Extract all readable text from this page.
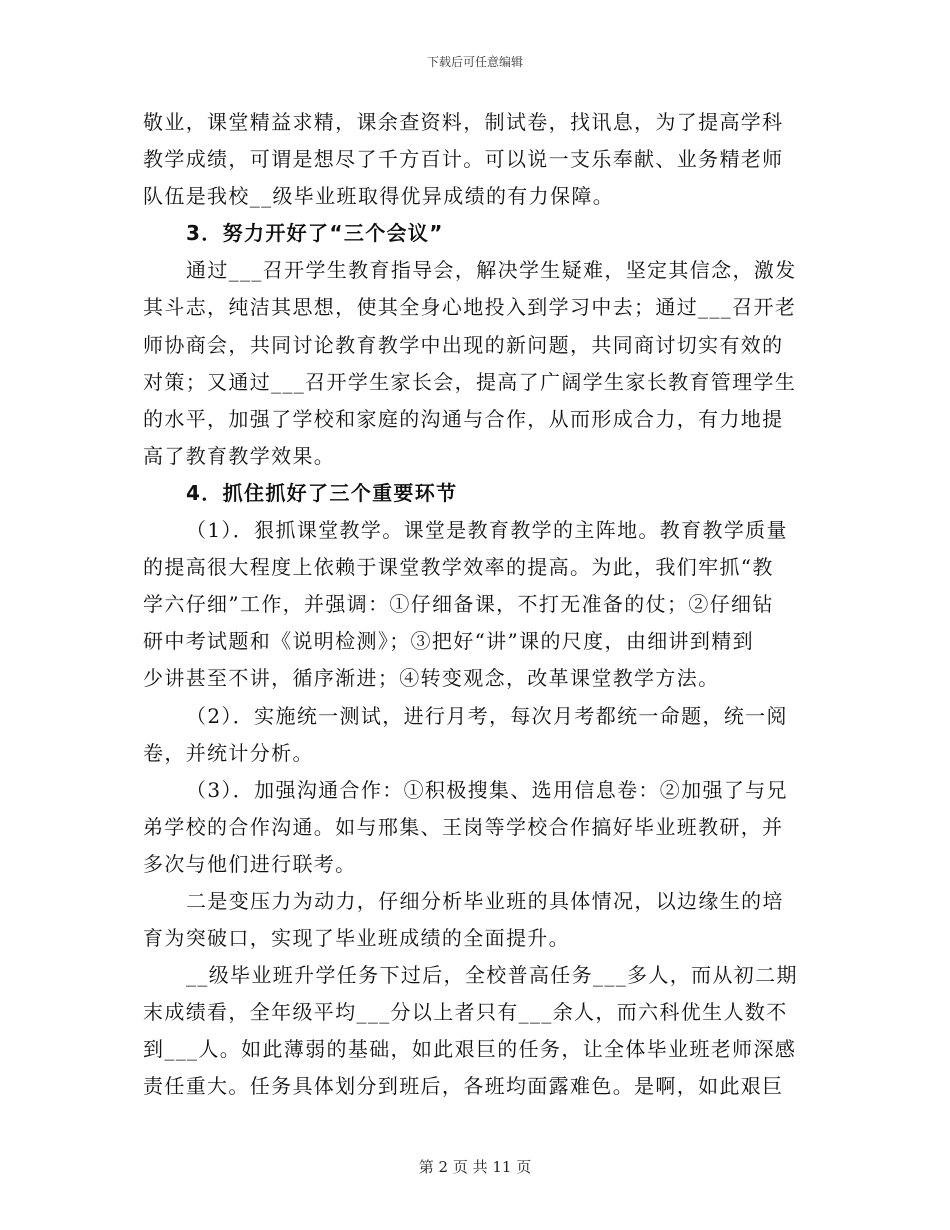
下载后可任意编辑
敬业，课堂精益求精，课余查资料，制试卷，找讯息，为了提高学科
教学成绩，可谓是想尽了千方百计。可以说一支乐奉献、业务精老师
队伍是我校__级毕业班取得优异成绩的有力保障。
3．努力开好了“三个会议”
通过___召开学生教育指导会，解决学生疑难，坚定其信念，激发
其斗志，纯洁其思想，使其全身心地投入到学习中去；通过___召开老
师协商会，共同讨论教育教学中出现的新问题，共同商讨切实有效的
对策；又通过___召开学生家长会，提高了广阔学生家长教育管理学生
的水平，加强了学校和家庭的沟通与合作，从而形成合力，有力地提
高了教育教学效果。
4．抓住抓好了三个重要环节
（1）．狠抓课堂教学。课堂是教育教学的主阵地。教育教学质量
的提高很大程度上依赖于课堂教学效率的提高。为此，我们牢抓“教
学六仔细”工作，并强调：①仔细备课，不打无准备的仗；②仔细钻
研中考试题和《说明检测》；③把好“讲”课的尺度，由细讲到精到
少讲甚至不讲，循序渐进；④转变观念，改革课堂教学方法。
（2）．实施统一测试，进行月考，每次月考都统一命题，统一阅
卷，并统计分析。
（3）．加强沟通合作：①积极搜集、选用信息卷：②加强了与兄
弟学校的合作沟通。如与邢集、王岗等学校合作搞好毕业班教研，并
多次与他们进行联考。
二是变压力为动力，仔细分析毕业班的具体情况，以边缘生的培
育为突破口，实现了毕业班成绩的全面提升。
__级毕业班升学任务下过后，全校普高任务___多人，而从初二期
末成绩看，全年级平均___分以上者只有___余人，而六科优生人数不
到___人。如此薄弱的基础，如此艰巨的任务，让全体毕业班老师深感
责任重大。任务具体划分到班后，各班均面露难色。是啊，如此艰巨
第 2 页 共 11 页
